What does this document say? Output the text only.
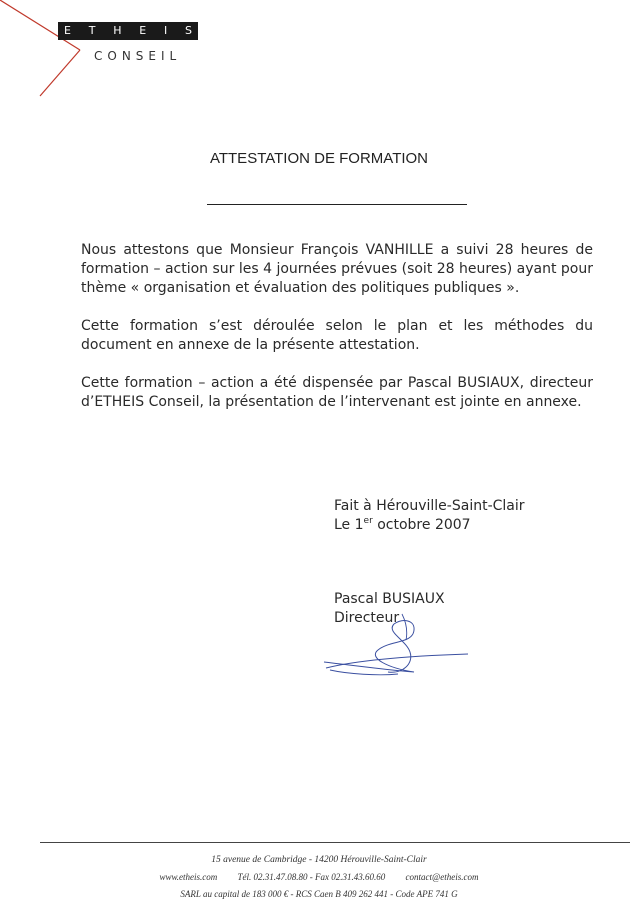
E T H E I S
CONSEIL
ATTESTATION DE FORMATION

Nous attestons que Monsieur François VANHILLE a suivi 28 heures de formation – action sur les 4 journées prévues (soit 28 heures) ayant pour thème « organisation et évaluation des politiques publiques ».

Cette formation s’est déroulée selon le plan et les méthodes du document en annexe de la présente attestation.

Cette formation – action a été dispensée par Pascal BUSIAUX, directeur d’ETHEIS Conseil, la présentation de l’intervenant est jointe en annexe.

Fait à Hérouville-Saint-Clair
Le 1er octobre 2007
Pascal BUSIAUX
Directeur
15 avenue de Cambridge - 14200 Hérouville-Saint-Clair
www.etheis.com Tél. 02.31.47.08.80 - Fax 02.31.43.60.60 contact@etheis.com
SARL au capital de 183 000 € - RCS Caen B 409 262 441 - Code APE 741 G
